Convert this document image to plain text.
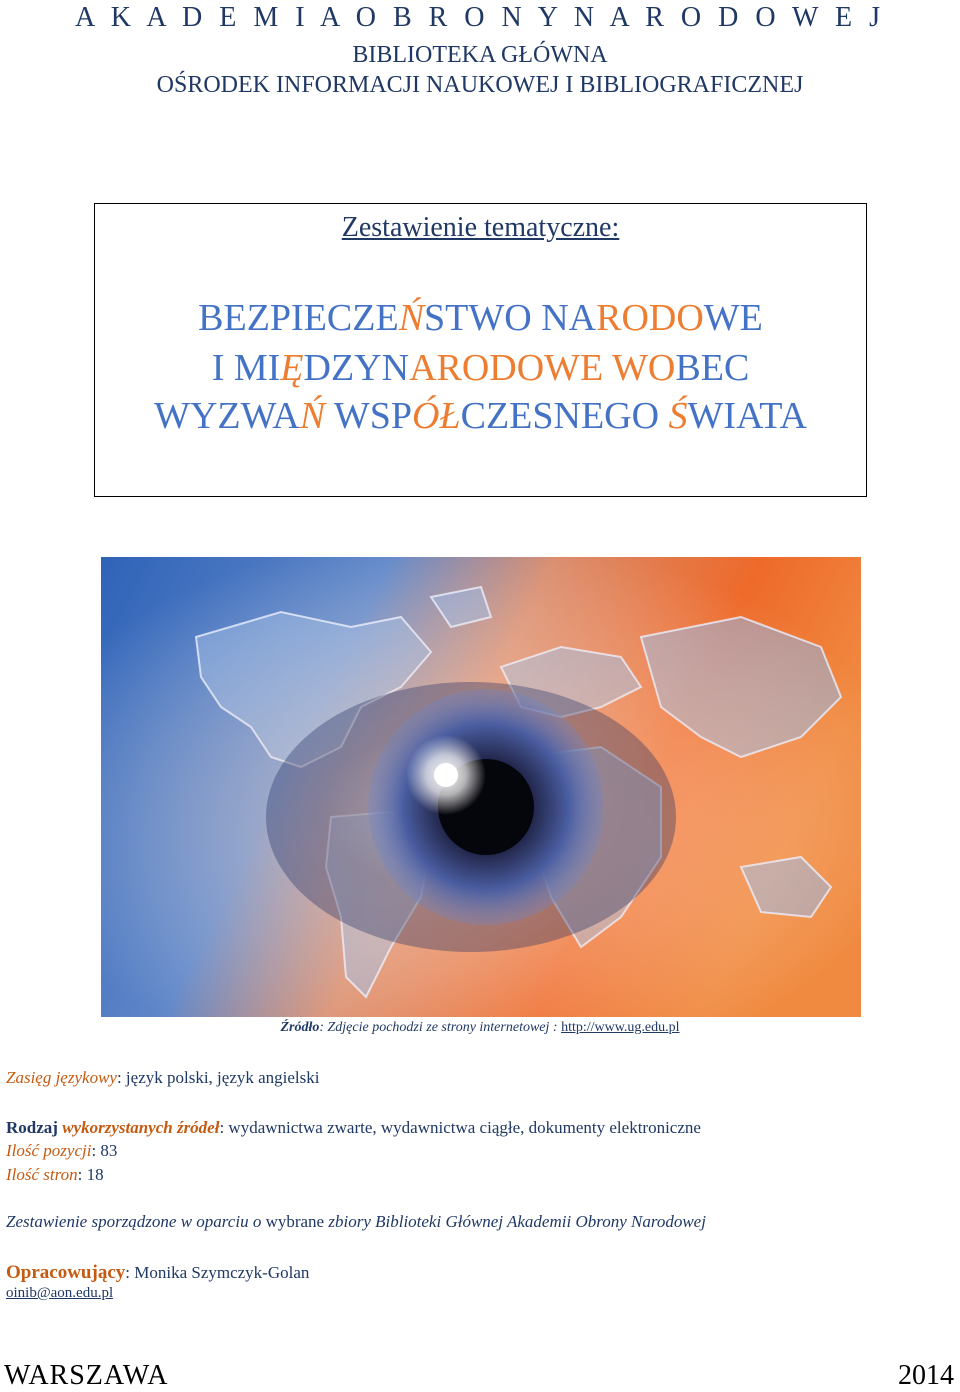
A K A D E M I A O B R O N Y N A R O D O W E J
BIBLIOTEKA GŁÓWNA
OŚRODEK INFORMACJI NAUKOWEJ I BIBLIOGRAFICZNEJ
Zestawienie tematyczne:
BEZPIECZEŃSTWO NARODOWE
I MIĘDZYNARODOWE WOBEC
WYZWAŃ WSPÓŁCZESNEGO ŚWIATA
Źródło: Zdjęcie pochodzi ze strony internetowej : http://www.ug.edu.pl
Zasięg językowy: język polski, język angielski
Rodzaj wykorzystanych źródeł: wydawnictwa zwarte, wydawnictwa ciągłe, dokumenty elektroniczne
Ilość pozycji: 83
Ilość stron: 18
Zestawienie sporządzone w oparciu o wybrane zbiory Biblioteki Głównej Akademii Obrony Narodowej
Opracowujący: Monika Szymczyk-Golan
oinib@aon.edu.pl
WARSZAWA	2014
